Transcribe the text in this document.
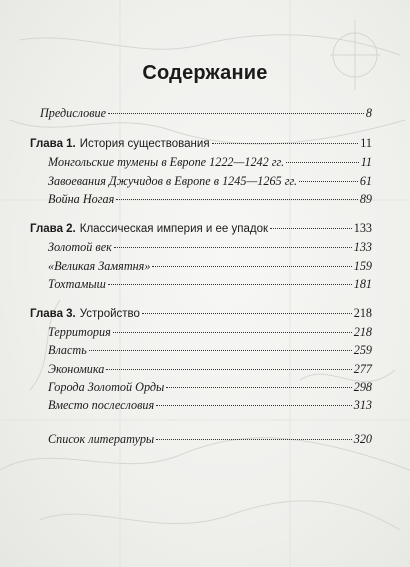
Содержание
Предисловие	8
Глава 1. История существования	11
Монгольские тумены в Европе 1222—1242 гг.	11
Завоевания Джучидов в Европе в 1245—1265 гг.	61
Война Ногая	89
Глава 2. Классическая империя и ее упадок	133
Золотой век	133
«Великая Замятня»	159
Тохтамыш	181
Глава 3. Устройство	218
Территория	218
Власть	259
Экономика	277
Города Золотой Орды	298
Вместо послесловия	313
Список литературы	320
